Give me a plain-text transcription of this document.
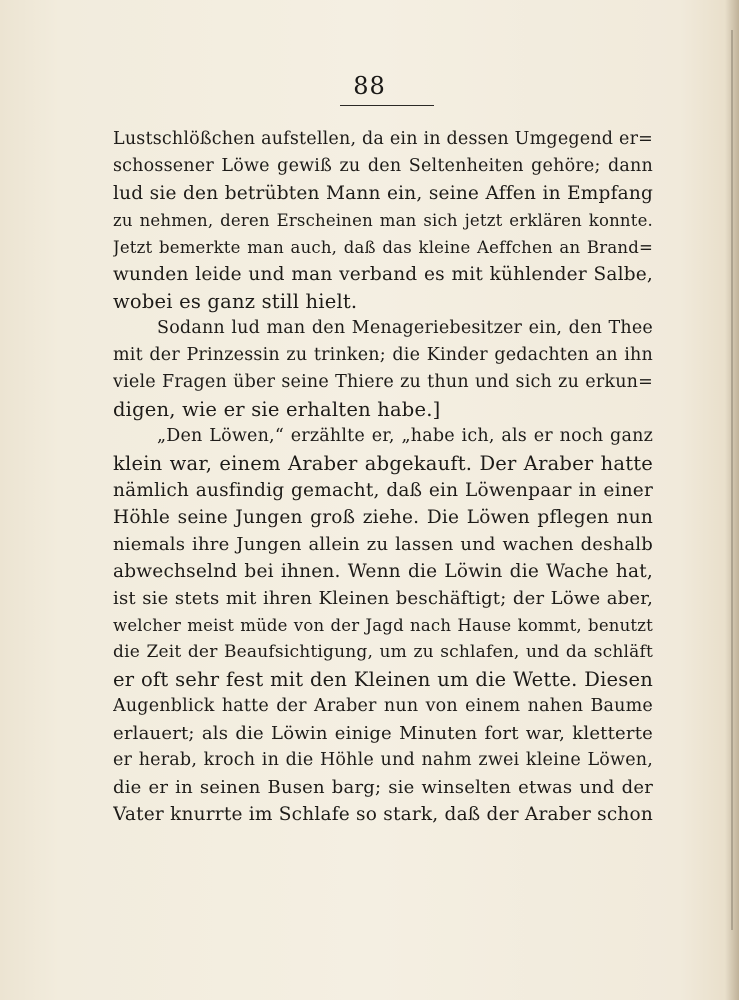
88
Lustschlößchen aufstellen, da ein in dessen Umgegend er=
schossener Löwe gewiß zu den Seltenheiten gehöre; dann
lud sie den betrübten Mann ein, seine Affen in Empfang
zu nehmen, deren Erscheinen man sich jetzt erklären konnte.
Jetzt bemerkte man auch, daß das kleine Aeffchen an Brand=
wunden leide und man verband es mit kühlender Salbe,
wobei es ganz still hielt.
Sodann lud man den Menageriebesitzer ein, den Thee
mit der Prinzessin zu trinken; die Kinder gedachten an ihn
viele Fragen über seine Thiere zu thun und sich zu erkun=
digen, wie er sie erhalten habe.]
„Den Löwen,“ erzählte er, „habe ich, als er noch ganz
klein war, einem Araber abgekauft. Der Araber hatte
nämlich ausfindig gemacht, daß ein Löwenpaar in einer
Höhle seine Jungen groß ziehe. Die Löwen pflegen nun
niemals ihre Jungen allein zu lassen und wachen deshalb
abwechselnd bei ihnen. Wenn die Löwin die Wache hat,
ist sie stets mit ihren Kleinen beschäftigt; der Löwe aber,
welcher meist müde von der Jagd nach Hause kommt, benutzt
die Zeit der Beaufsichtigung, um zu schlafen, und da schläft
er oft sehr fest mit den Kleinen um die Wette. Diesen
Augenblick hatte der Araber nun von einem nahen Baume
erlauert; als die Löwin einige Minuten fort war, kletterte
er herab, kroch in die Höhle und nahm zwei kleine Löwen,
die er in seinen Busen barg; sie winselten etwas und der
Vater knurrte im Schlafe so stark, daß der Araber schon
